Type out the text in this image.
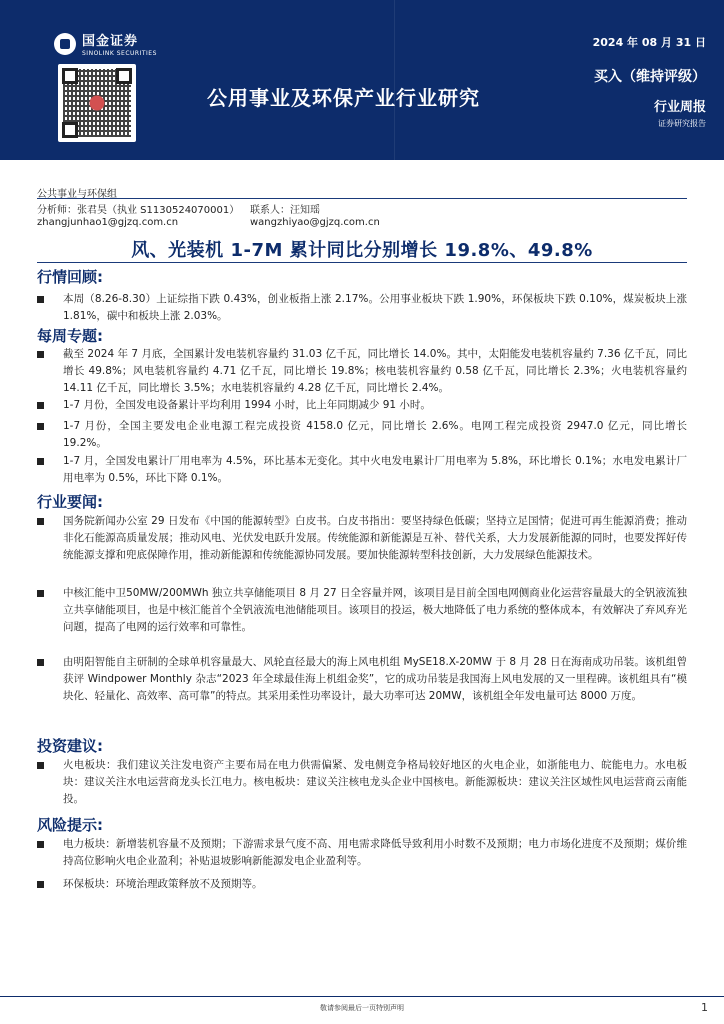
国金证券
SINOLINK SECURITIES
公用事业及环保产业行业研究
2024 年 08 月 31 日
买入（维持评级）
行业周报
证券研究报告
公共事业与环保组
分析师：张君昊（执业 S1130524070001） 联系人：汪知瑶
zhangjunhao1@gjzq.com.cn	wangzhiyao@gjzq.com.cn
风、光装机 1-7M 累计同比分别增长 19.8%、49.8%
行情回顾:
本周（8.26-8.30）上证综指下跌 0.43%，创业板指上涨 2.17%。公用事业板块下跌 1.90%，环保板块下跌 0.10%，煤炭板块上涨 1.81%，碳中和板块上涨 2.03%。
每周专题:
截至 2024 年 7 月底，全国累计发电装机容量约 31.03 亿千瓦，同比增长 14.0%。其中，太阳能发电装机容量约 7.36 亿千瓦，同比增长 49.8%；风电装机容量约 4.71 亿千瓦，同比增长 19.8%；核电装机容量约 0.58 亿千瓦，同比增长 2.3%；火电装机容量约 14.11 亿千瓦，同比增长 3.5%；水电装机容量约 4.28 亿千瓦，同比增长 2.4%。
1-7 月份，全国发电设备累计平均利用 1994 小时，比上年同期减少 91 小时。
1-7 月份，全国主要发电企业电源工程完成投资 4158.0 亿元，同比增长 2.6%。电网工程完成投资 2947.0 亿元，同比增长 19.2%。
1-7 月，全国发电累计厂用电率为 4.5%，环比基本无变化。其中火电发电累计厂用电率为 5.8%，环比增长 0.1%；水电发电累计厂用电率为 0.5%，环比下降 0.1%。
行业要闻:
国务院新闻办公室 29 日发布《中国的能源转型》白皮书。白皮书指出：要坚持绿色低碳；坚持立足国情；促进可再生能源消费；推动非化石能源高质量发展；推动风电、光伏发电跃升发展。传统能源和新能源是互补、替代关系，大力发展新能源的同时，也要发挥好传统能源支撑和兜底保障作用，推动新能源和传统能源协同发展。要加快能源转型科技创新，大力发展绿色能源技术。
中核汇能中卫50MW/200MWh 独立共享储能项目 8 月 27 日全容量并网，该项目是目前全国电网侧商业化运营容量最大的全钒液流独立共享储能项目，也是中核汇能首个全钒液流电池储能项目。该项目的投运，极大地降低了电力系统的整体成本，有效解决了弃风弃光问题，提高了电网的运行效率和可靠性。
由明阳智能自主研制的全球单机容量最大、风轮直径最大的海上风电机组 MySE18.X-20MW 于 8 月 28 日在海南成功吊装。该机组曾获评 Windpower Monthly 杂志“2023 年全球最佳海上机组金奖”，它的成功吊装是我国海上风电发展的又一里程碑。该机组具有“模块化、轻量化、高效率、高可靠”的特点。其采用柔性功率设计，最大功率可达 20MW，该机组全年发电量可达 8000 万度。
投资建议:
火电板块：我们建议关注发电资产主要布局在电力供需偏紧、发电侧竞争格局较好地区的火电企业，如浙能电力、皖能电力。水电板块：建议关注水电运营商龙头长江电力。核电板块：建议关注核电龙头企业中国核电。新能源板块：建议关注区域性风电运营商云南能投。
风险提示:
电力板块：新增装机容量不及预期；下游需求景气度不高、用电需求降低导致利用小时数不及预期；电力市场化进度不及预期；煤价维持高位影响火电企业盈利；补贴退坡影响新能源发电企业盈利等。
环保板块：环境治理政策释放不及预期等。
敬请参阅最后一页特别声明	1
